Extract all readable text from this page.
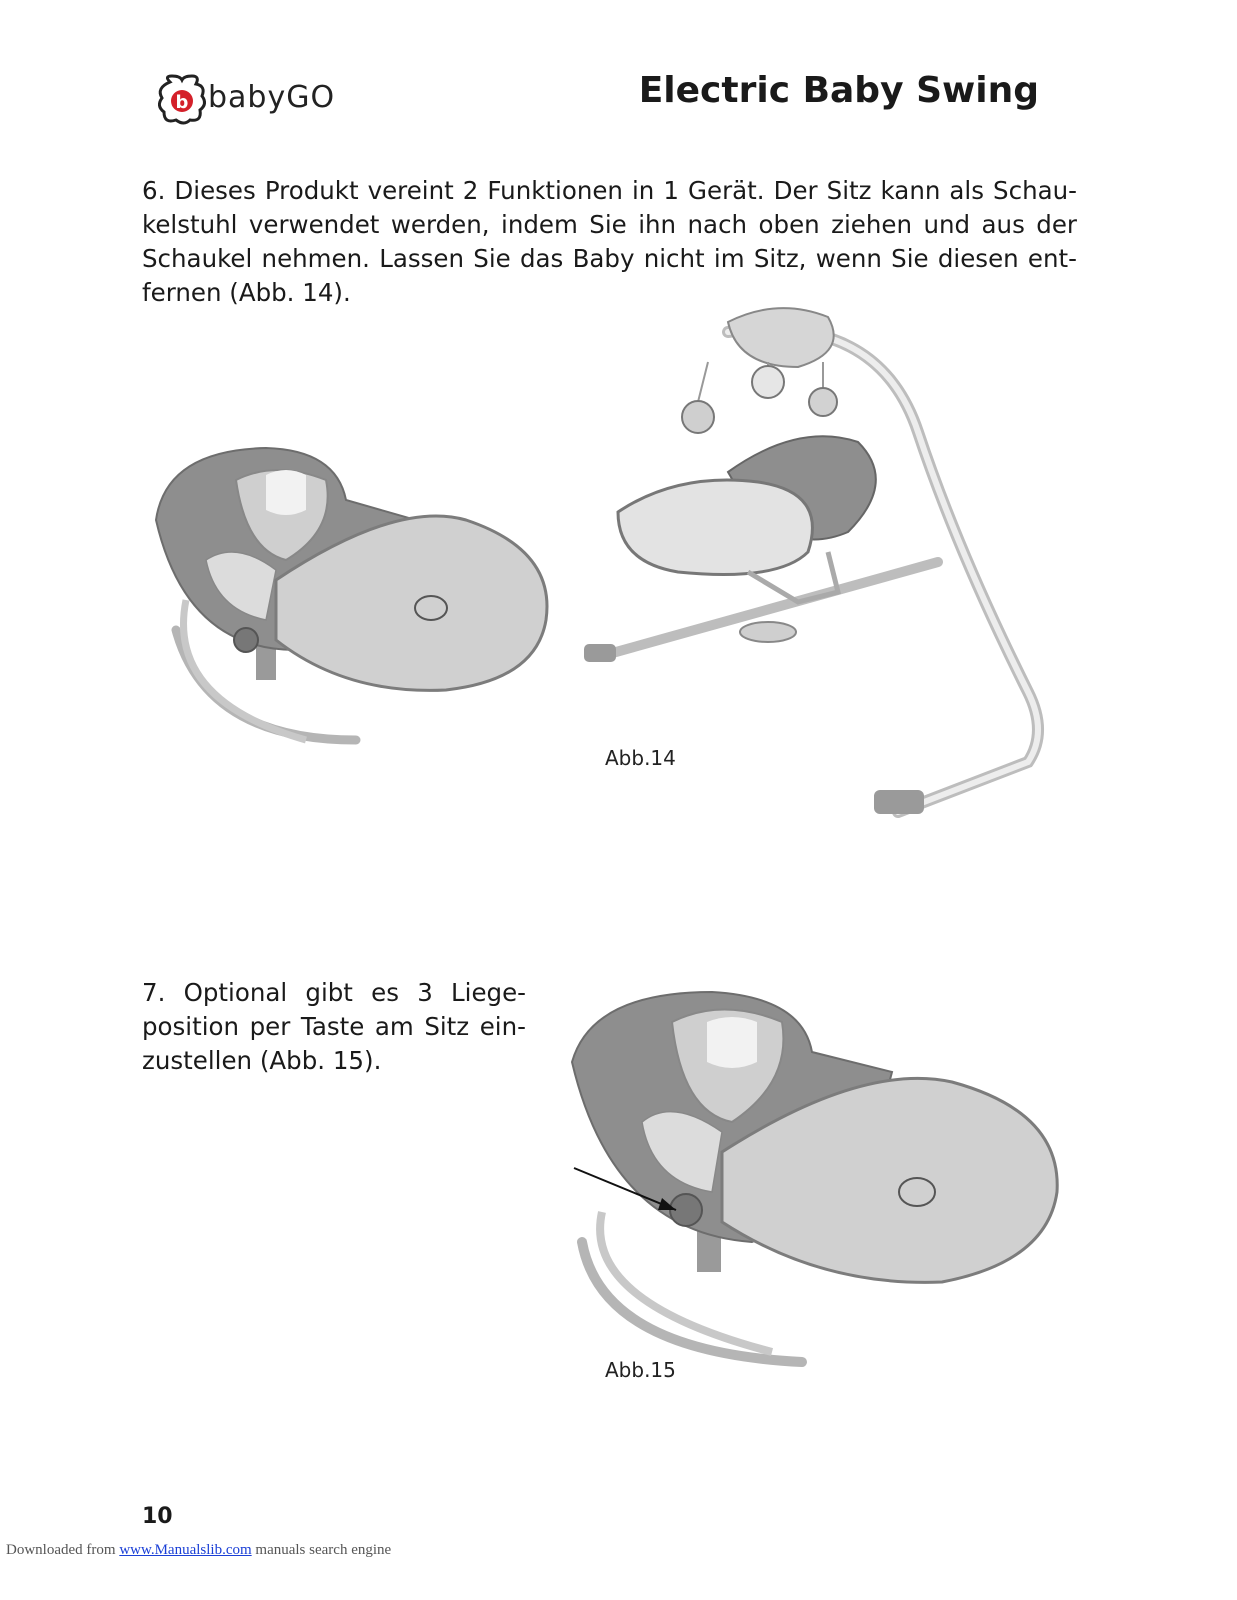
b babyGO	Electric Baby Swing
6. Dieses Produkt vereint 2 Funktionen in 1 Gerät. Der Sitz kann als Schaukelstuhl verwendet werden, indem Sie ihn nach oben ziehen und aus der Schaukel nehmen. Lassen Sie das Baby nicht im Sitz, wenn Sie diesen entfernen (Abb. 14).
Abb.14
7. Optional gibt es 3 Liegeposition per Taste am Sitz einzustellen (Abb. 15).
Abb.15
10
Downloaded from www.Manualslib.com manuals search engine
